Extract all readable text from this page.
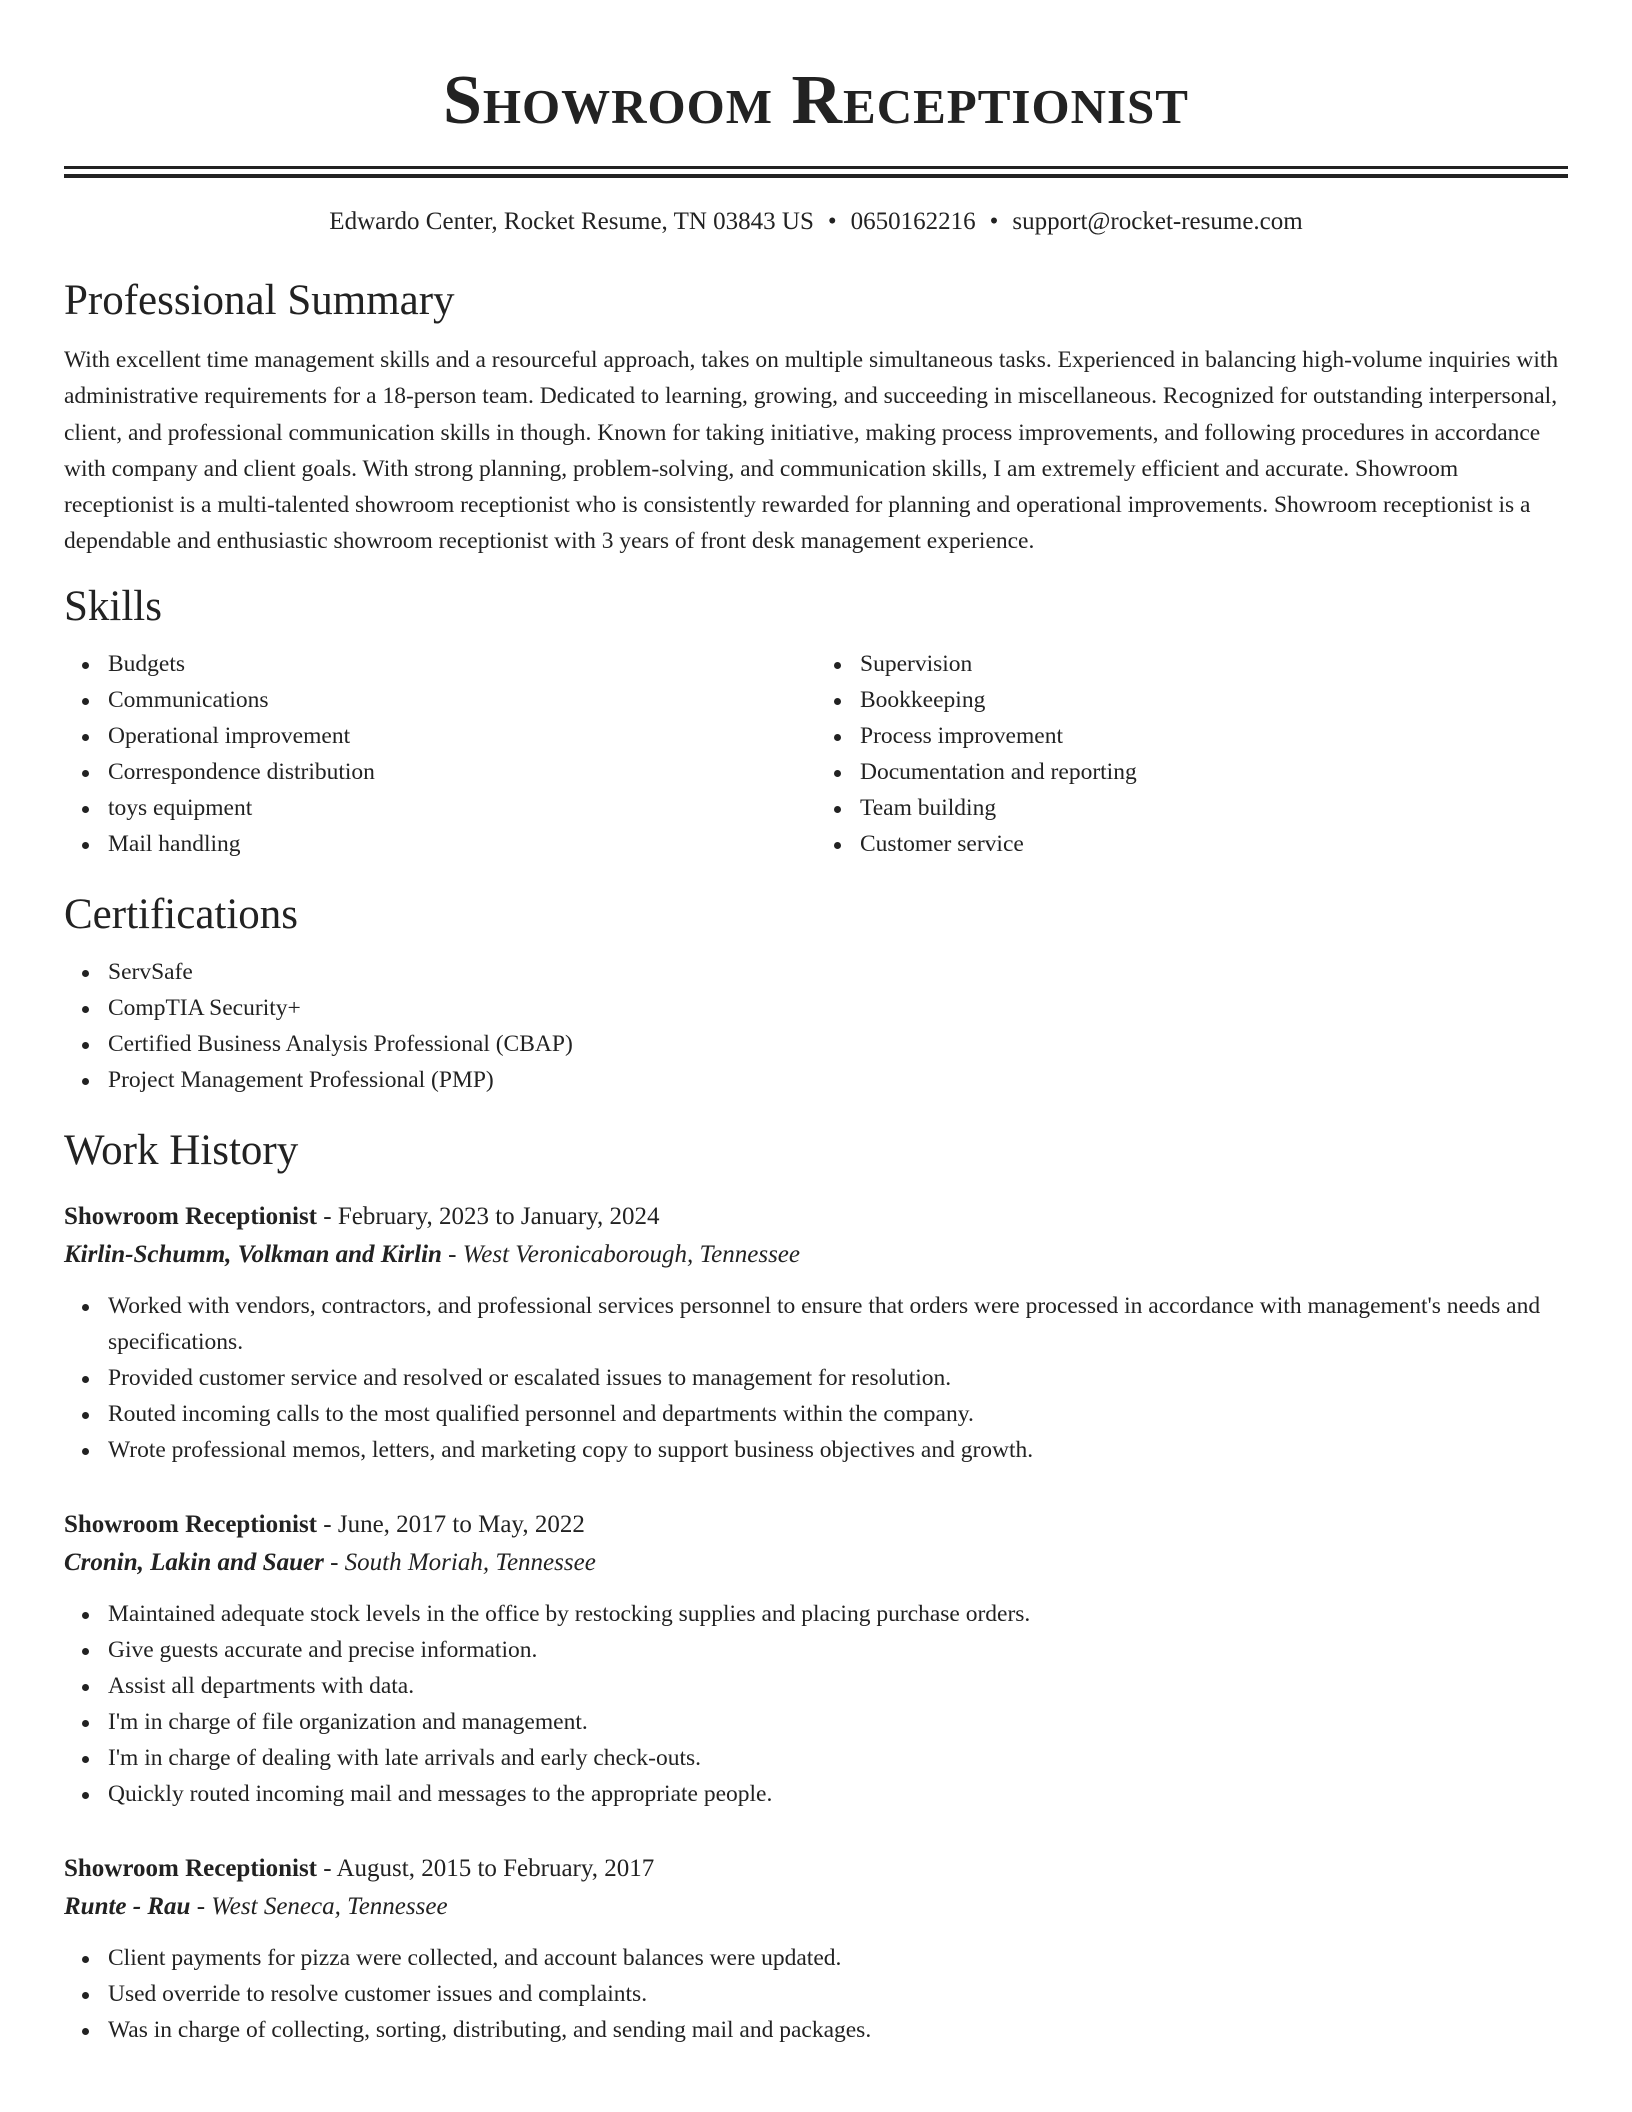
Showroom Receptionist
Edwardo Center, Rocket Resume, TN 03843 US • 0650162216 • support@rocket-resume.com
Professional Summary

With excellent time management skills and a resourceful approach, takes on multiple simultaneous tasks. Experienced in balancing high-volume inquiries with administrative requirements for a 18-person team. Dedicated to learning, growing, and succeeding in miscellaneous. Recognized for outstanding interpersonal, client, and professional communication skills in though. Known for taking initiative, making process improvements, and following procedures in accordance with company and client goals. With strong planning, problem-solving, and communication skills, I am extremely efficient and accurate. Showroom receptionist is a multi-talented showroom receptionist who is consistently rewarded for planning and operational improvements. Showroom receptionist is a dependable and enthusiastic showroom receptionist with 3 years of front desk management experience.

Skills
Budgets
Communications
Operational improvement
Correspondence distribution
toys equipment
Mail handling
Supervision
Bookkeeping
Process improvement
Documentation and reporting
Team building
Customer service
Certifications
ServSafe
CompTIA Security+
Certified Business Analysis Professional (CBAP)
Project Management Professional (PMP)
Work History
Showroom Receptionist - February, 2023 to January, 2024
Kirlin-Schumm, Volkman and Kirlin - West Veronicaborough, Tennessee
Worked with vendors, contractors, and professional services personnel to ensure that orders were processed in accordance with management's needs and specifications.
Provided customer service and resolved or escalated issues to management for resolution.
Routed incoming calls to the most qualified personnel and departments within the company.
Wrote professional memos, letters, and marketing copy to support business objectives and growth.
Showroom Receptionist - June, 2017 to May, 2022
Cronin, Lakin and Sauer - South Moriah, Tennessee
Maintained adequate stock levels in the office by restocking supplies and placing purchase orders.
Give guests accurate and precise information.
Assist all departments with data.
I'm in charge of file organization and management.
I'm in charge of dealing with late arrivals and early check-outs.
Quickly routed incoming mail and messages to the appropriate people.
Showroom Receptionist - August, 2015 to February, 2017
Runte - Rau - West Seneca, Tennessee
Client payments for pizza were collected, and account balances were updated.
Used override to resolve customer issues and complaints.
Was in charge of collecting, sorting, distributing, and sending mail and packages.
